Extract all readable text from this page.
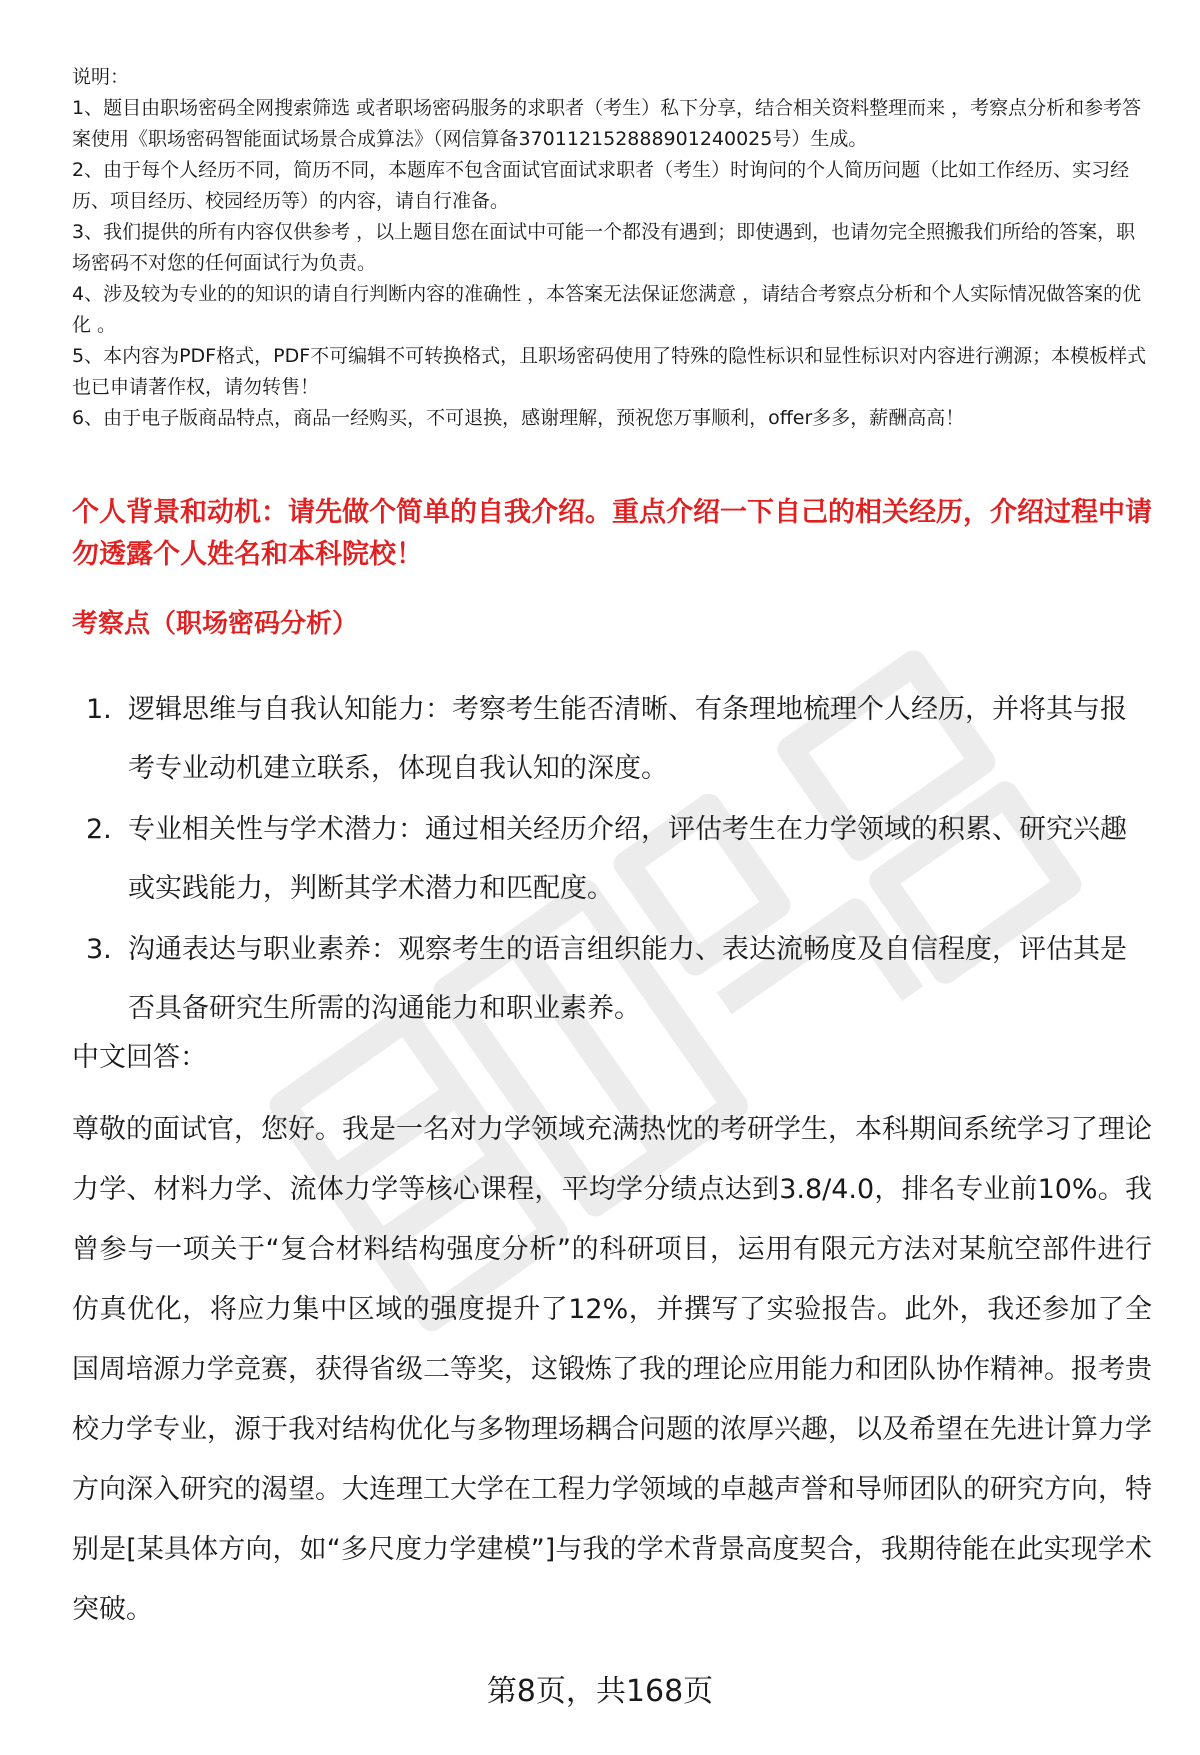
说明：

1、题目由职场密码全网搜索筛选 或者职场密码服务的求职者（考生）私下分享，结合相关资料整理而来 ，考察点分析和参考答案使用《职场密码智能面试场景合成算法》（网信算备370112152888901240025号）生成。

2、由于每个人经历不同，简历不同，本题库不包含面试官面试求职者（考生）时询问的个人简历问题（比如工作经历、实习经历、项目经历、校园经历等）的内容，请自行准备。

3、我们提供的所有内容仅供参考 ，以上题目您在面试中可能一个都没有遇到；即使遇到，也请勿完全照搬我们所给的答案，职场密码不对您的任何面试行为负责。

4、涉及较为专业的的知识的请自行判断内容的准确性 ，本答案无法保证您满意 ，请结合考察点分析和个人实际情况做答案的优化 。

5、本内容为PDF格式，PDF不可编辑不可转换格式，且职场密码使用了特殊的隐性标识和显性标识对内容进行溯源；本模板样式也已申请著作权，请勿转售！

6、由于电子版商品特点，商品一经购买，不可退换，感谢理解，预祝您万事顺利，offer多多，薪酬高高！

个人背景和动机：请先做个简单的自我介绍。重点介绍一下自己的相关经历，介绍过程中请勿透露个人姓名和本科院校！

考察点（职场密码分析）

1. 逻辑思维与自我认知能力：考察考生能否清晰、有条理地梳理个人经历，并将其与报考专业动机建立联系，体现自我认知的深度。
2. 专业相关性与学术潜力：通过相关经历介绍，评估考生在力学领域的积累、研究兴趣或实践能力，判断其学术潜力和匹配度。
3. 沟通表达与职业素养：观察考生的语言组织能力、表达流畅度及自信程度，评估其是否具备研究生所需的沟通能力和职业素养。

中文回答：

尊敬的面试官，您好。我是一名对力学领域充满热忱的考研学生，本科期间系统学习了理论力学、材料力学、流体力学等核心课程，平均学分绩点达到3.8/4.0，排名专业前10%。我曾参与一项关于“复合材料结构强度分析”的科研项目，运用有限元方法对某航空部件进行仿真优化，将应力集中区域的强度提升了12%，并撰写了实验报告。此外，我还参加了全国周培源力学竞赛，获得省级二等奖，这锻炼了我的理论应用能力和团队协作精神。报考贵校力学专业，源于我对结构优化与多物理场耦合问题的浓厚兴趣，以及希望在先进计算力学方向深入研究的渴望。大连理工大学在工程力学领域的卓越声誉和导师团队的研究方向，特别是[某具体方向，如“多尺度力学建模”]与我的学术背景高度契合，我期待能在此实现学术突破。

第8页，共168页
